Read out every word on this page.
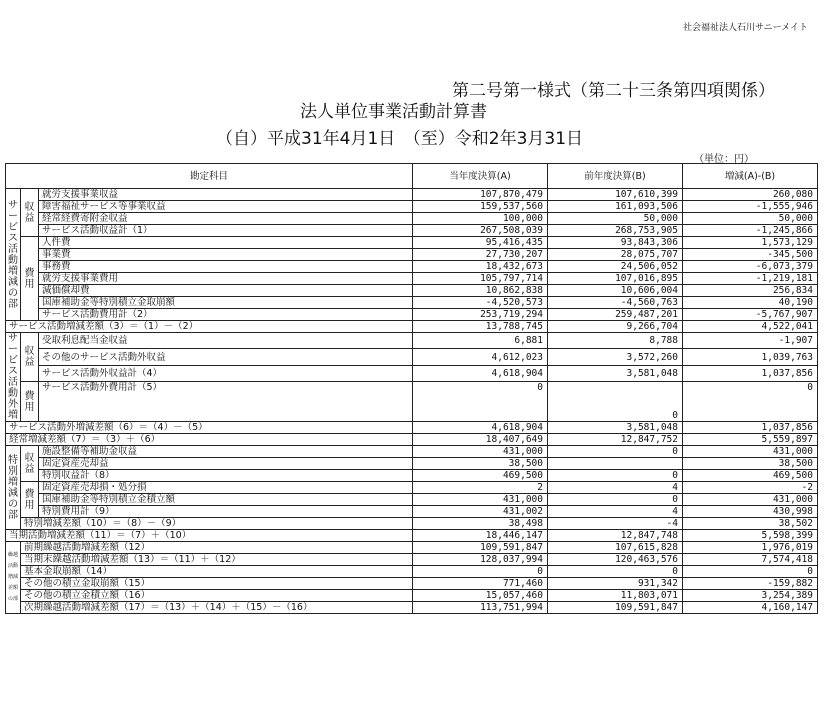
社会福祉法人石川サニーメイト
第二号第一様式（第二十三条第四項関係）
法人単位事業活動計算書
（自）平成31年4月1日　（至）令和2年3月31日
（単位：円）
勘定科目			当年度決算(A)	前年度決算(B)	増減(A)-(B)
サービス活動増減の部	収益	就労支援事業収益	107,870,479	107,610,399	260,080
		障害福祉サービス等事業収益	159,537,560	161,093,506	-1,555,946
		経常経費寄附金収益	100,000	50,000	50,000
		サービス活動収益計（1）	267,508,039	268,753,905	-1,245,866
	費用	人件費	95,416,435	93,843,306	1,573,129
		事業費	27,730,207	28,075,707	-345,500
		事務費	18,432,673	24,506,052	-6,073,379
		就労支援事業費用	105,797,714	107,016,895	-1,219,181
		減価償却費	10,862,838	10,606,004	256,834
		国庫補助金等特別積立金取崩額	-4,520,573	-4,560,763	40,190
		サービス活動費用計（2）	253,719,294	259,487,201	-5,767,907
サービス活動増減差額（3）＝（1）－（2）			13,788,745	9,266,704	4,522,041
サービス活動外増	収益	受取利息配当金収益	6,881	8,788	-1,907
		その他のサービス活動外収益	4,612,023	3,572,260	1,039,763
		サービス活動外収益計（4）	4,618,904	3,581,048	1,037,856
	費用	サービス活動外費用計（5）	0	0	0
サービス活動外増減差額（6）＝（4）－（5）			4,618,904	3,581,048	1,037,856
経常増減差額（7）＝（3）＋（6）			18,407,649	12,847,752	5,559,897
特別増減の部	収益	施設整備等補助金収益	431,000	0	431,000
		固定資産売却益	38,500		38,500
		特別収益計（8）	469,500	0	469,500
	費用	固定資産売却損・処分損	2	4	-2
		国庫補助金等特別積立金積立額	431,000	0	431,000
		特別費用計（9）	431,002	4	430,998
	特別増減差額（10）＝（8）－（9）		38,498	-4	38,502
当期活動増減差額（11）＝（7）＋（10）			18,446,147	12,847,748	5,598,399
繰越活動増減差額の部	前期繰越活動増減差額（12）		109,591,847	107,615,828	1,976,019
	当期末繰越活動増減差額（13）＝（11）＋（12）		128,037,994	120,463,576	7,574,418
	基本金取崩額（14）		0	0	0
	その他の積立金取崩額（15）		771,460	931,342	-159,882
	その他の積立金積立額（16）		15,057,460	11,803,071	3,254,389
	次期繰越活動増減差額（17）＝（13）＋（14）＋（15）－（16）		113,751,994	109,591,847	4,160,147
